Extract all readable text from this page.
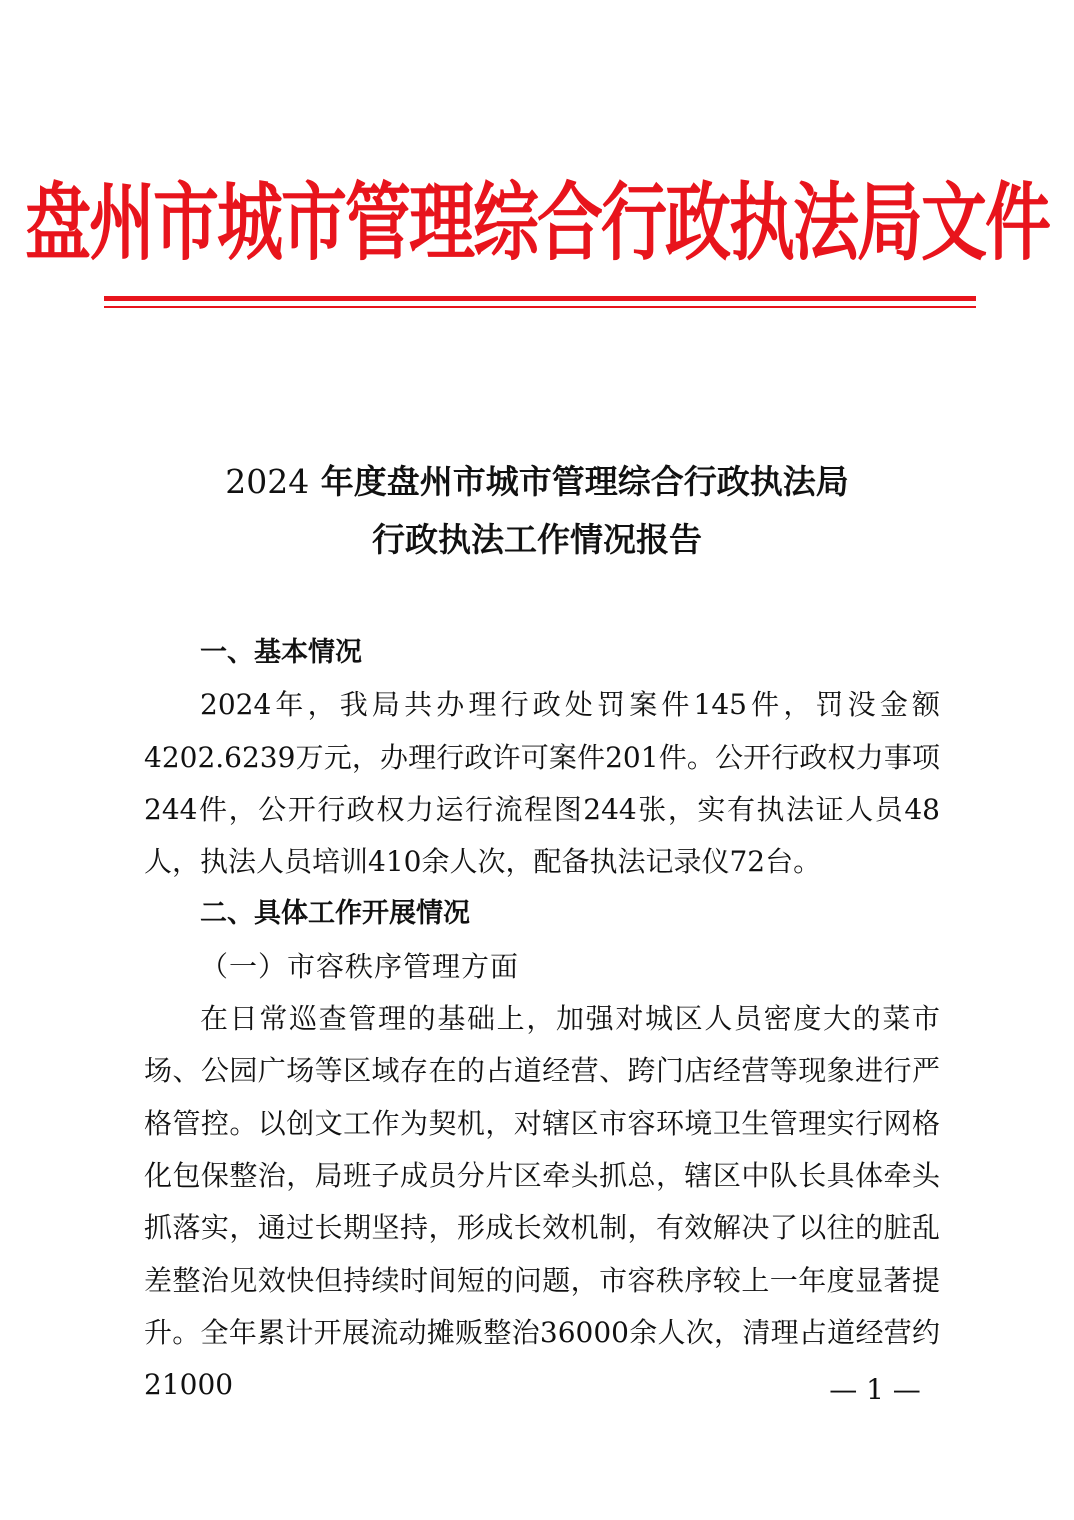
盘州市城市管理综合行政执法局文件
2024 年度盘州市城市管理综合行政执法局
行政执法工作情况报告

一、基本情况

2024年，我局共办理行政处罚案件145件，罚没金额4202.6239万元，办理行政许可案件201件。公开行政权力事项244件，公开行政权力运行流程图244张，实有执法证人员48人，执法人员培训410余人次，配备执法记录仪72台。

二、具体工作开展情况

（一）市容秩序管理方面

在日常巡查管理的基础上，加强对城区人员密度大的菜市场、公园广场等区域存在的占道经营、跨门店经营等现象进行严格管控。以创文工作为契机，对辖区市容环境卫生管理实行网格化包保整治，局班子成员分片区牵头抓总，辖区中队长具体牵头抓落实，通过长期坚持，形成长效机制，有效解决了以往的脏乱差整治见效快但持续时间短的问题，市容秩序较上一年度显著提升。全年累计开展流动摊贩整治36000余人次，清理占道经营约21000	— 1 —
